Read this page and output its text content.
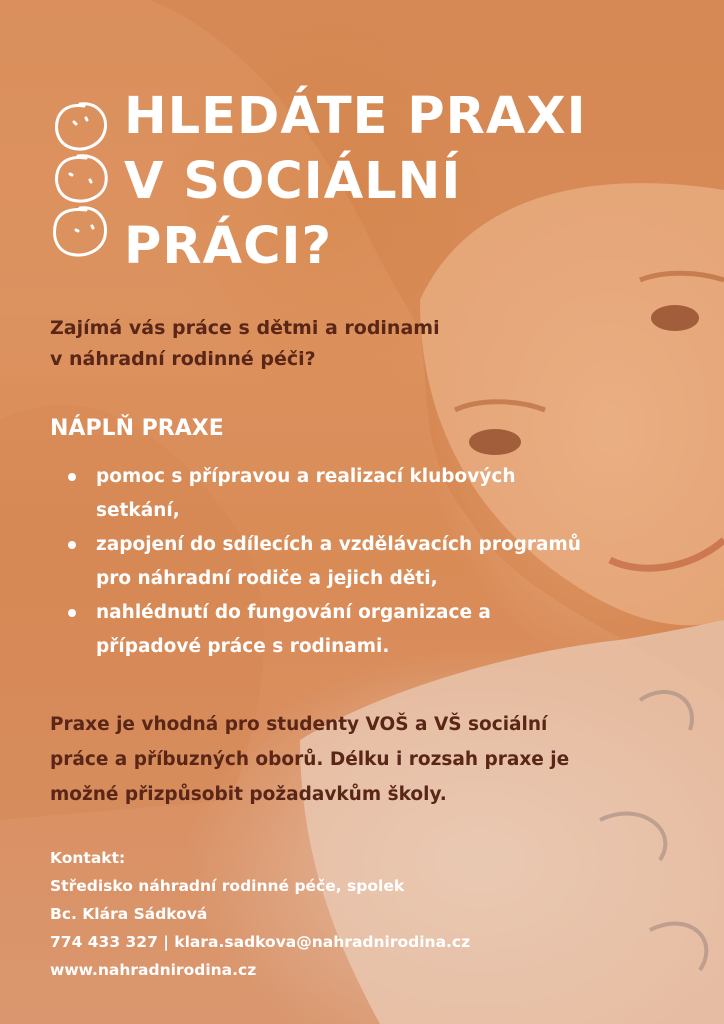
HLEDÁTE PRAXI
V SOCIÁLNÍ
PRÁCI?

Zajímá vás práce s dětmi a rodinami
v náhradní rodinné péči?

NÁPLŇ PRAXE
pomoc s přípravou a realizací klubových
setkání,
zapojení do sdílecích a vzdělávacích programů
pro náhradní rodiče a jejich děti,
nahlédnutí do fungování organizace a
případové práce s rodinami.

Praxe je vhodná pro studenty VOŠ a VŠ sociální
práce a příbuzných oborů. Délku i rozsah praxe je
možné přizpůsobit požadavkům školy.

Kontakt:
Středisko náhradní rodinné péče, spolek
Bc. Klára Sádková
774 433 327 | klara.sadkova@nahradnirodina.cz
www.nahradnirodina.cz
